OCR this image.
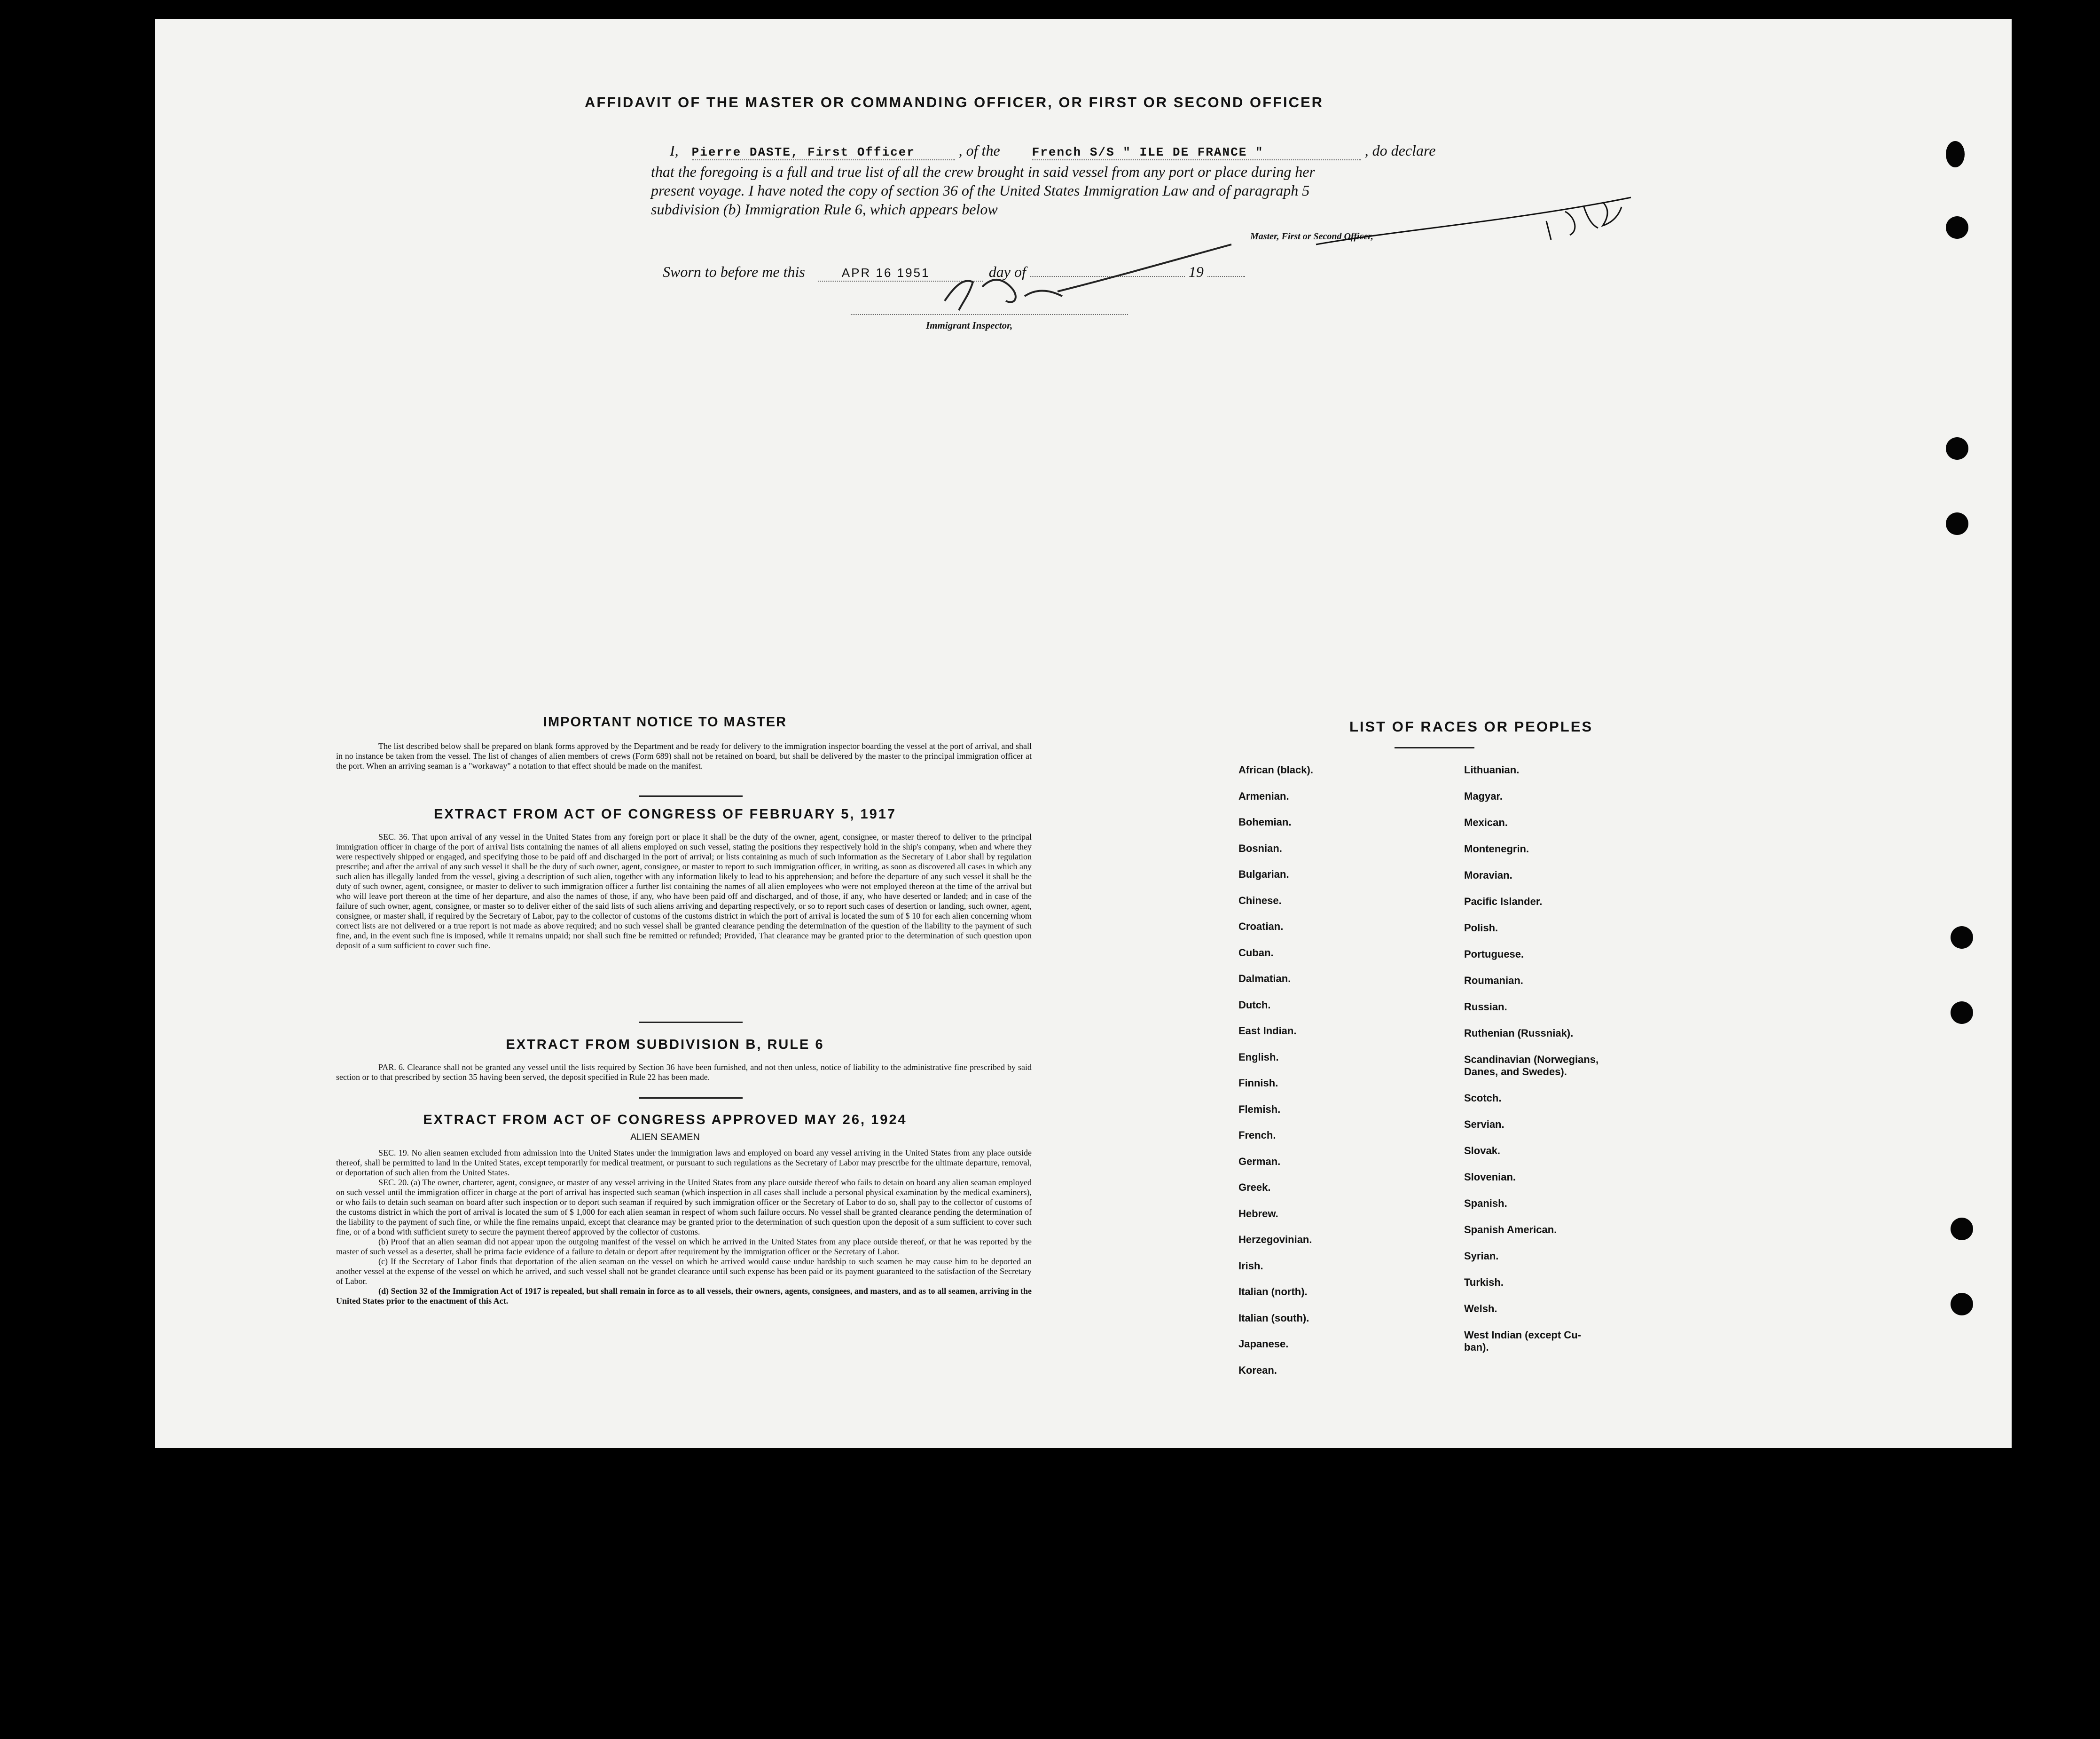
AFFIDAVIT OF THE MASTER OR COMMANDING OFFICER, OR FIRST OR SECOND OFFICER
I, Pierre DASTE, First Officer	, of the	French S/S " ILE DE FRANCE "	, do declare
that the foregoing is a full and true list of all the crew brought in said vessel from any port or place during her
present voyage. I have noted the copy of section 36 of the United States Immigration Law and of paragraph 5
subdivision (b) Immigration Rule 6, which appears below
Master, First or Second Officer,
Sworn to before me this	APR 16 1951	day of	19
Immigrant Inspector,
IMPORTANT NOTICE TO MASTER
The list described below shall be prepared on blank forms approved by the Department and be ready for delivery to the immigration inspector boarding the vessel at the port of arrival, and shall in no instance be taken from the vessel. The list of changes of alien members of crews (Form 689) shall not be retained on board, but shall be delivered by the master to the principal immigration officer at the port. When an arriving seaman is a "workaway" a notation to that effect should be made on the manifest.
EXTRACT FROM ACT OF CONGRESS OF FEBRUARY 5, 1917
SEC. 36. That upon arrival of any vessel in the United States from any foreign port or place it shall be the duty of the owner, agent, consignee, or master thereof to deliver to the principal immigration officer in charge of the port of arrival lists containing the names of all aliens employed on such vessel, stating the positions they respectively hold in the ship's company, when and where they were respectively shipped or engaged, and specifying those to be paid off and discharged in the port of arrival; or lists containing as much of such information as the Secretary of Labor shall by regulation prescribe; and after the arrival of any such vessel it shall be the duty of such owner, agent, consignee, or master to report to such immigration officer, in writing, as soon as discovered all cases in which any such alien has illegally landed from the vessel, giving a description of such alien, together with any information likely to lead to his apprehension; and before the departure of any such vessel it shall be the duty of such owner, agent, consignee, or master to deliver to such immigration officer a further list containing the names of all alien employees who were not employed thereon at the time of the arrival but who will leave port thereon at the time of her departure, and also the names of those, if any, who have been paid off and discharged, and of those, if any, who have deserted or landed; and in case of the failure of such owner, agent, consignee, or master so to deliver either of the said lists of such aliens arriving and departing respectively, or so to report such cases of desertion or landing, such owner, agent, consignee, or master shall, if required by the Secretary of Labor, pay to the collector of customs of the customs district in which the port of arrival is located the sum of $ 10 for each alien concerning whom correct lists are not delivered or a true report is not made as above required; and no such vessel shall be granted clearance pending the determination of the question of the liability to the payment of such fine, and, in the event such fine is imposed, while it remains unpaid; nor shall such fine be remitted or refunded; Provided, That clearance may be granted prior to the determination of such question upon deposit of a sum sufficient to cover such fine.
EXTRACT FROM SUBDIVISION B, RULE 6
PAR. 6. Clearance shall not be granted any vessel until the lists required by Section 36 have been furnished, and not then unless, notice of liability to the administrative fine prescribed by said section or to that prescribed by section 35 having been served, the deposit specified in Rule 22 has been made.
EXTRACT FROM ACT OF CONGRESS APPROVED MAY 26, 1924
ALIEN SEAMEN
SEC. 19. No alien seamen excluded from admission into the United States under the immigration laws and employed on board any vessel arriving in the United States from any place outside thereof, shall be permitted to land in the United States, except temporarily for medical treatment, or pursuant to such regulations as the Secretary of Labor may prescribe for the ultimate departure, removal, or deportation of such alien from the United States.
SEC. 20. (a) The owner, charterer, agent, consignee, or master of any vessel arriving in the United States from any place outside thereof who fails to detain on board any alien seaman employed on such vessel until the immigration officer in charge at the port of arrival has inspected such seaman (which inspection in all cases shall include a personal physical examination by the medical examiners), or who fails to detain such seaman on board after such inspection or to deport such seaman if required by such immigration officer or the Secretary of Labor to do so, shall pay to the collector of customs of the customs district in which the port of arrival is located the sum of $ 1,000 for each alien seaman in respect of whom such failure occurs. No vessel shall be granted clearance pending the determination of the liability to the payment of such fine, or while the fine remains unpaid, except that clearance may be granted prior to the determination of such question upon the deposit of a sum sufficient to cover such fine, or of a bond with sufficient surety to secure the payment thereof approved by the collector of customs.
(b) Proof that an alien seaman did not appear upon the outgoing manifest of the vessel on which he arrived in the United States from any place outside thereof, or that he was reported by the master of such vessel as a deserter, shall be prima facie evidence of a failure to detain or deport after requirement by the immigration officer or the Secretary of Labor.
(c) If the Secretary of Labor finds that deportation of the alien seaman on the vessel on which he arrived would cause undue hardship to such seamen he may cause him to be deported an another vessel at the expense of the vessel on which he arrived, and such vessel shall not be grandet clearance until such expense has been paid or its payment guaranteed to the satisfaction of the Secretary of Labor.
(d) Section 32 of the Immigration Act of 1917 is repealed, but shall remain in force as to all vessels, their owners, agents, consignees, and masters, and as to all seamen, arriving in the United States prior to the enactment of this Act.
LIST OF RACES OR PEOPLES
African (black).
Armenian.
Bohemian.
Bosnian.
Bulgarian.
Chinese.
Croatian.
Cuban.
Dalmatian.
Dutch.
East Indian.
English.
Finnish.
Flemish.
French.
German.
Greek.
Hebrew.
Herzegovinian.
Irish.
Italian (north).
Italian (south).
Japanese.
Korean.
Lithuanian.
Magyar.
Mexican.
Montenegrin.
Moravian.
Pacific Islander.
Polish.
Portuguese.
Roumanian.
Russian.
Ruthenian (Russniak).
Scandinavian (Norwegians,
Danes, and Swedes).
Scotch.
Servian.
Slovak.
Slovenian.
Spanish.
Spanish American.
Syrian.
Turkish.
Welsh.
West Indian (except Cu-
ban).
